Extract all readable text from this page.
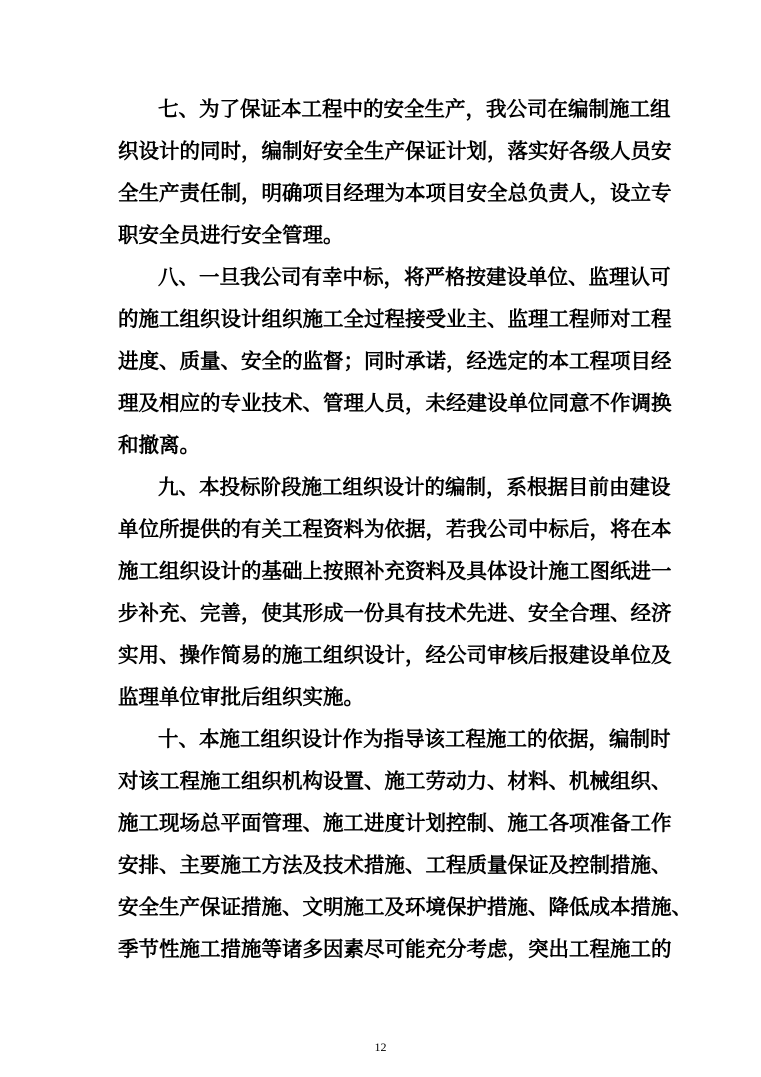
七、为了保证本工程中的安全生产，我公司在编制施工组
织设计的同时，编制好安全生产保证计划，落实好各级人员安
全生产责任制，明确项目经理为本项目安全总负责人，设立专
职安全员进行安全管理。
八、一旦我公司有幸中标，将严格按建设单位、监理认可
的施工组织设计组织施工全过程接受业主、监理工程师对工程
进度、质量、安全的监督；同时承诺，经选定的本工程项目经
理及相应的专业技术、管理人员，未经建设单位同意不作调换
和撤离。
九、本投标阶段施工组织设计的编制，系根据目前由建设
单位所提供的有关工程资料为依据，若我公司中标后，将在本
施工组织设计的基础上按照补充资料及具体设计施工图纸进一
步补充、完善，使其形成一份具有技术先进、安全合理、经济
实用、操作简易的施工组织设计，经公司审核后报建设单位及
监理单位审批后组织实施。
十、本施工组织设计作为指导该工程施工的依据，编制时
对该工程施工组织机构设置、施工劳动力、材料、机械组织、
施工现场总平面管理、施工进度计划控制、施工各项准备工作
安排、主要施工方法及技术措施、工程质量保证及控制措施、
安全生产保证措施、文明施工及环境保护措施、降低成本措施、
季节性施工措施等诸多因素尽可能充分考虑，突出工程施工的
12
